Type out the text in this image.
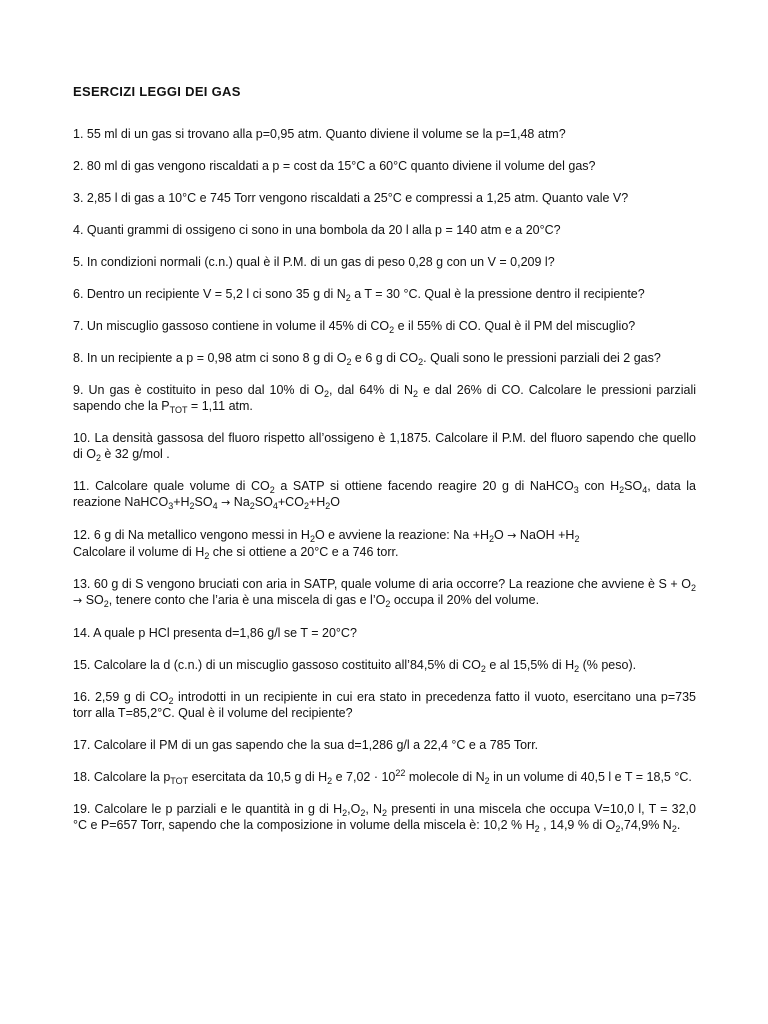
ESERCIZI LEGGI DEI GAS

1. 55 ml di un gas si trovano alla p=0,95 atm. Quanto diviene il volume se la p=1,48 atm?

2. 80 ml di gas vengono riscaldati a p = cost da 15°C a 60°C quanto diviene il volume del gas?

3. 2,85 l di gas a 10°C e 745 Torr vengono riscaldati a 25°C e compressi a 1,25 atm. Quanto vale V?

4. Quanti grammi di ossigeno ci sono in una bombola da 20 l alla p = 140 atm e a 20°C?

5. In condizioni normali (c.n.) qual è il P.M. di un gas di peso 0,28 g con un V = 0,209 l?

6. Dentro un recipiente V = 5,2 l ci sono 35 g di $N_2$ a T = 30 °C. Qual è la pressione dentro il recipiente?

7. Un miscuglio gassoso contiene in volume il 45% di $CO_2$ e il 55% di CO. Qual è il PM del miscuglio?

8. In un recipiente a p = 0,98 atm ci sono 8 g di $O_2$ e 6 g di $CO_2$. Quali sono le pressioni parziali dei 2 gas?

9. Un gas è costituito in peso dal 10% di $O_2$, dal 64% di $N_2$ e dal 26% di CO. Calcolare le pressioni parziali sapendo che la $P_{TOT} = 1,11$ atm.

10. La densità gassosa del fluoro rispetto all’ossigeno è 1,1875. Calcolare il P.M. del fluoro sapendo che quello di $O_2$ è 32 g/mol .

11. Calcolare quale volume di $CO_2$ a SATP si ottiene facendo reagire 20 g di NaHCO$_3$ con $H_2SO_4$, data la reazione $NaHCO_3+H_2SO_4 \to Na_2SO_4+CO_2+H_2O$

12. 6 g di Na metallico vengono messi in $H_2O$ e avviene la reazione: $Na +H_2O$ → NaOH $+H_2$
Calcolare il volume di $H_2$ che si ottiene a 20°C e a 746 torr.

13. 60 g di S vengono bruciati con aria in SATP, quale volume di aria occorre? La reazione che avviene è $S + O_2 \to SO_2$, tenere conto che l’aria è una miscela di gas e $l’O_2$ occupa il 20% del volume.

14. A quale p HCl presenta d=1,86 g/l se T = 20°C?

15. Calcolare la d (c.n.) di un miscuglio gassoso costituito all’84,5% di $CO_2$ e al 15,5% di $H_2$ (% peso).

16. 2,59 g di $CO_2$ introdotti in un recipiente in cui era stato in precedenza fatto il vuoto, esercitano una p=735 torr alla T=85,2°C. Qual è il volume del recipiente?

17. Calcolare il PM di un gas sapendo che la sua d=1,286 g/l a 22,4 °C e a 785 Torr.

18. Calcolare la $p_{TOT}$ esercitata da 10,5 g di $H_2$ e $7,02 \cdot 10^{22}$ molecole di $N_2$ in un volume di 40,5 l e T = 18,5 °C.

19. Calcolare le p parziali e le quantità in g di $H_2,O_2$, $N_2$ presenti in una miscela che occupa V=10,0 l, T = 32,0 °C e P=657 Torr, sapendo che la composizione in volume della miscela è: 10,2 % $H_2$ , 14,9 % di $O_2,74,9\%$ $N_2$.
